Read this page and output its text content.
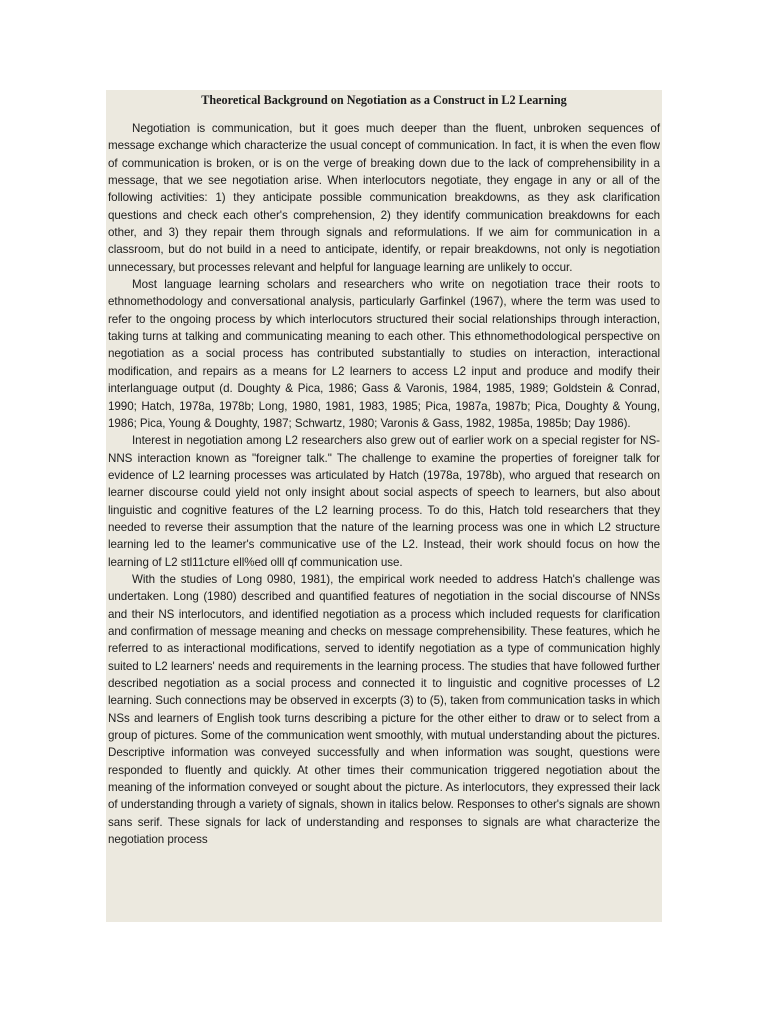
Theoretical Background on Negotiation as a Construct in L2 Learning

Negotiation is communication, but it goes much deeper than the fluent, unbroken sequences of message exchange which characterize the usual concept of communication. In fact, it is when the even flow of communication is broken, or is on the verge of breaking down due to the lack of comprehensibility in a message, that we see negotiation arise. When interlocutors negotiate, they engage in any or all of the following activities: 1) they anticipate possible communication breakdowns, as they ask clarification questions and check each other's comprehension, 2) they identify communication breakdowns for each other, and 3) they repair them through signals and reformulations. If we aim for communication in a classroom, but do not build in a need to anticipate, identify, or repair breakdowns, not only is negotiation unnecessary, but processes relevant and helpful for language learning are unlikely to occur.

Most language learning scholars and researchers who write on negotiation trace their roots to ethnomethodology and conversational analysis, particularly Garfinkel (1967), where the term was used to refer to the ongoing process by which interlocutors structured their social relationships through interaction, taking turns at talking and communicating meaning to each other. This ethnomethodological perspective on negotiation as a social process has contributed substantially to studies on interaction, interactional modification, and repairs as a means for L2 learners to access L2 input and produce and modify their interlanguage output (d. Doughty & Pica, 1986; Gass & Varonis, 1984, 1985, 1989; Goldstein & Conrad, 1990; Hatch, 1978a, 1978b; Long, 1980, 1981, 1983, 1985; Pica, 1987a, 1987b; Pica, Doughty & Young, 1986; Pica, Young & Doughty, 1987; Schwartz, 1980; Varonis & Gass, 1982, 1985a, 1985b; Day 1986).

Interest in negotiation among L2 researchers also grew out of earlier work on a special register for NS-NNS interaction known as "foreigner talk." The challenge to examine the properties of foreigner talk for evidence of L2 learning processes was articulated by Hatch (1978a, 1978b), who argued that research on learner discourse could yield not only insight about social aspects of speech to learners, but also about linguistic and cognitive features of the L2 learning process. To do this, Hatch told researchers that they needed to reverse their assumption that the nature of the learning process was one in which L2 structure learning led to the leamer's communicative use of the L2. Instead, their work should focus on how the learning of L2 stl11cture ell%ed olll qf communication use.

With the studies of Long 0980, 1981), the empirical work needed to address Hatch's challenge was undertaken. Long (1980) described and quantified features of negotiation in the social discourse of NNSs and their NS interlocutors, and identified negotiation as a process which included requests for clarification and confirmation of message meaning and checks on message comprehensibility. These features, which he referred to as interactional modifications, served to identify negotiation as a type of communication highly suited to L2 learners' needs and requirements in the learning process. The studies that have followed further described negotiation as a social process and connected it to linguistic and cognitive processes of L2 learning. Such connections may be observed in excerpts (3) to (5), taken from communication tasks in which NSs and learners of English took turns describing a picture for the other either to draw or to select from a group of pictures. Some of the communication went smoothly, with mutual understanding about the pictures. Descriptive information was conveyed successfully and when information was sought, questions were responded to fluently and quickly. At other times their communication triggered negotiation about the meaning of the information conveyed or sought about the picture. As interlocutors, they expressed their lack of understanding through a variety of signals, shown in italics below. Responses to other's signals are shown sans serif. These signals for lack of understanding and responses to signals are what characterize the negotiation process
